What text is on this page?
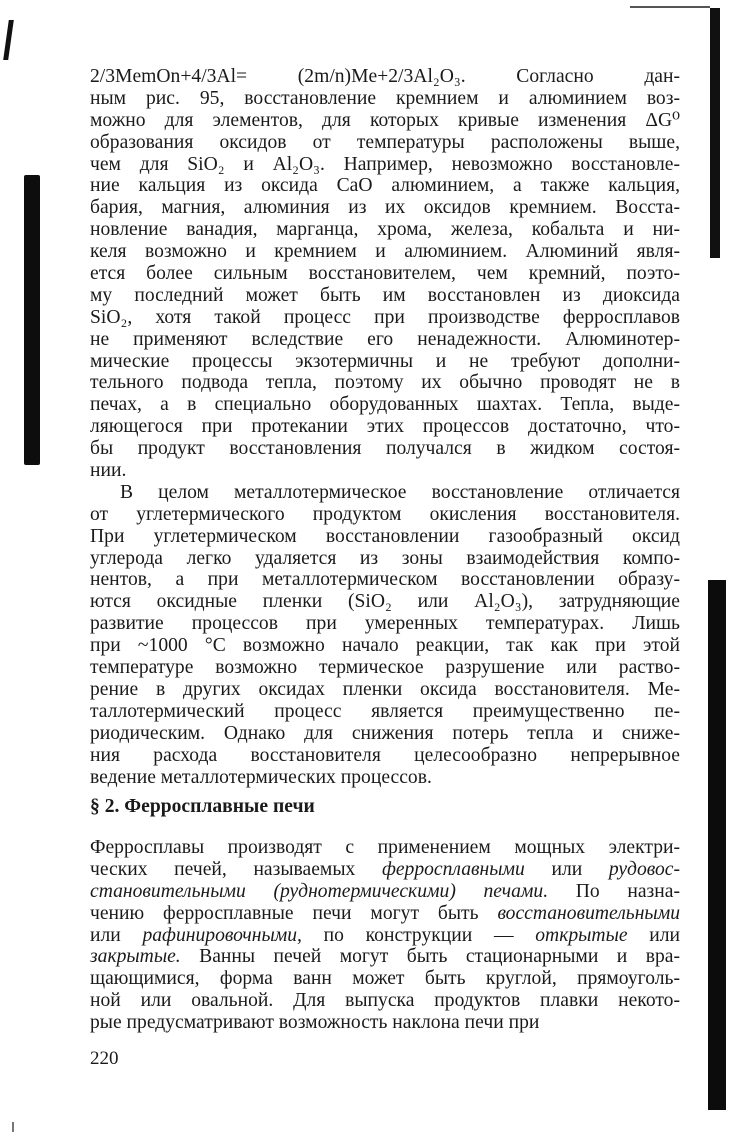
2/3MemOn+4/3Al= (2m/n)Me+2/3Al₂O₃. Согласно дан-
ным рис. 95, восстановление кремнием и алюминием воз-
можно для элементов, для которых кривые изменения ΔG⁰
образования оксидов от температуры расположены выше,
чем для SiO₂ и Al₂O₃. Например, невозможно восстановле-
ние кальция из оксида CaO алюминием, а также кальция,
бария, магния, алюминия из их оксидов кремнием. Восста-
новление ванадия, марганца, хрома, железа, кобальта и ни-
келя возможно и кремнием и алюминием. Алюминий явля-
ется более сильным восстановителем, чем кремний, поэто-
му последний может быть им восстановлен из диоксида
SiO₂, хотя такой процесс при производстве ферросплавов
не применяют вследствие его ненадежности. Алюминотер-
мические процессы экзотермичны и не требуют дополни-
тельного подвода тепла, поэтому их обычно проводят не в
печах, а в специально оборудованных шахтах. Тепла, выде-
ляющегося при протекании этих процессов достаточно, что-
бы продукт восстановления получался в жидком состоя-
нии.
В целом металлотермическое восстановление отличается
от углетермического продуктом окисления восстановителя.
При углетермическом восстановлении газообразный оксид
углерода легко удаляется из зоны взаимодействия компо-
нентов, а при металлотермическом восстановлении образу-
ются оксидные пленки (SiO₂ или Al₂O₃), затрудняющие
развитие процессов при умеренных температурах. Лишь
при ~1000 °C возможно начало реакции, так как при этой
температуре возможно термическое разрушение или раство-
рение в других оксидах пленки оксида восстановителя. Ме-
таллотермический процесс является преимущественно пе-
риодическим. Однако для снижения потерь тепла и сниже-
ния расхода восстановителя целесообразно непрерывное
ведение металлотермических процессов.
§ 2. Ферросплавные печи
Ферросплавы производят с применением мощных электри-
ческих печей, называемых ферросплавными или рудовос-
становительными (руднотермическими) печами. По назна-
чению ферросплавные печи могут быть восстановительными
или рафинировочными, по конструкции — открытые или
закрытые. Ванны печей могут быть стационарными и вра-
щающимися, форма ванн может быть круглой, прямоуголь-
ной или овальной. Для выпуска продуктов плавки некото-
рые предусматривают возможность наклона печи при
220
